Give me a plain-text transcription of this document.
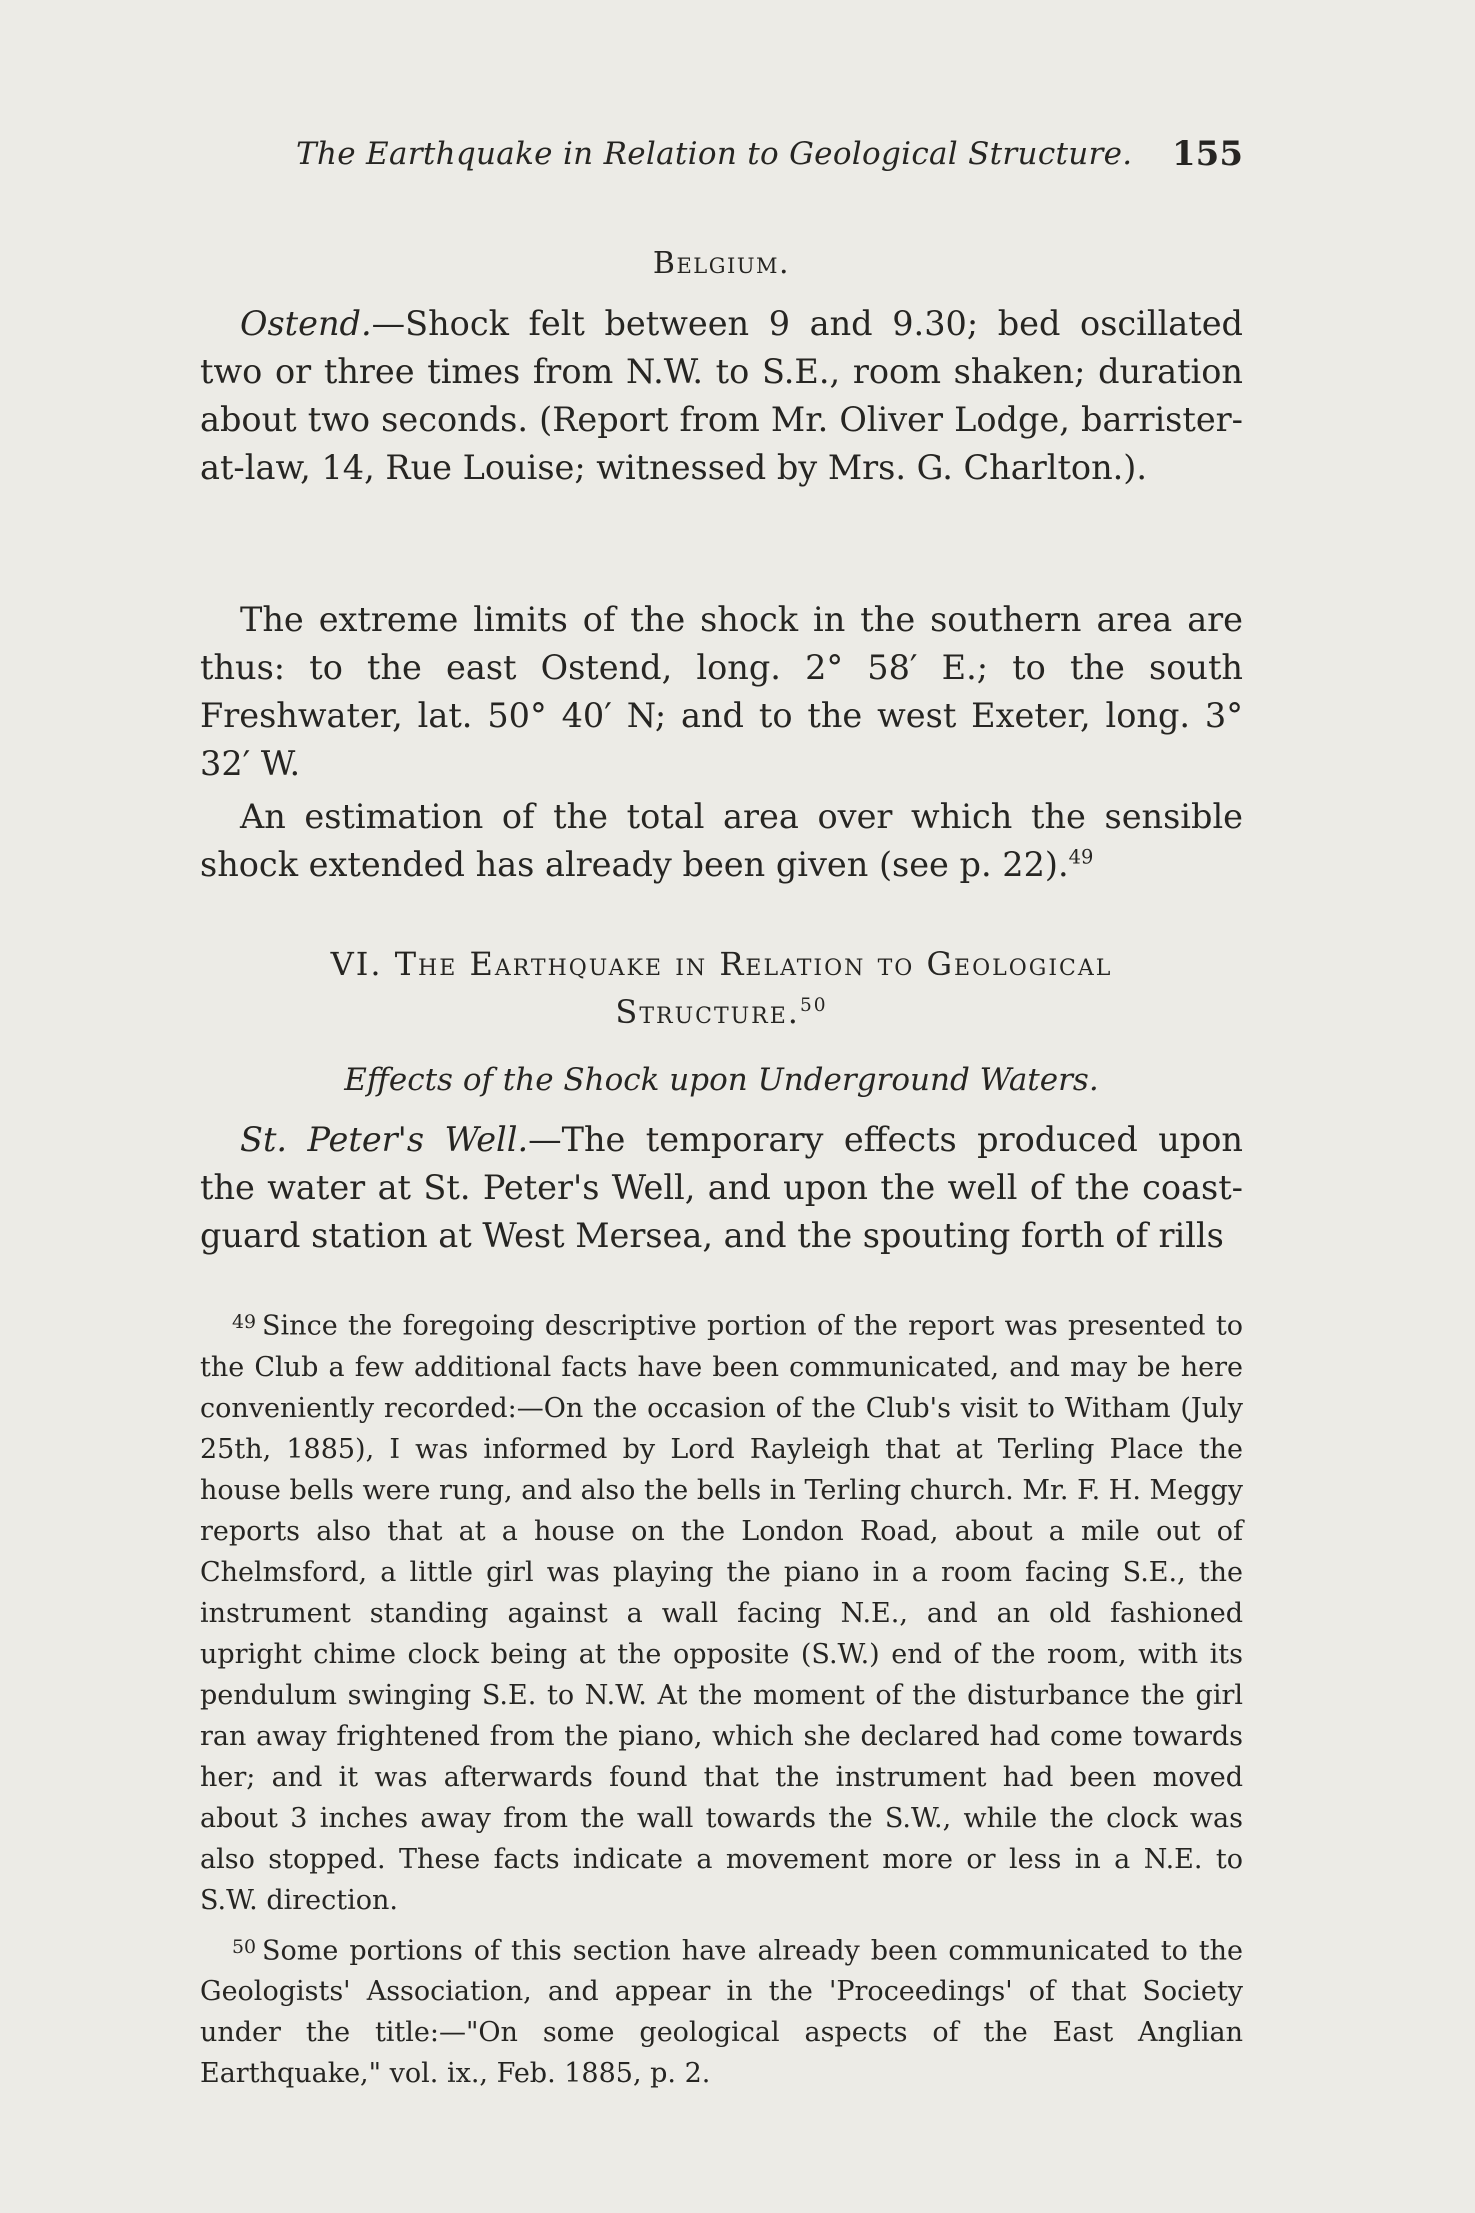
The Earthquake in Relation to Geological Structure. 155
Belgium.

Ostend.—Shock felt between 9 and 9.30; bed oscillated two or three times from N.W. to S.E., room shaken; duration about two seconds. (Report from Mr. Oliver Lodge, barrister-at-law, 14, Rue Louise; witnessed by Mrs. G. Charlton.).

The extreme limits of the shock in the southern area are thus: to the east Ostend, long. 2° 58′ E.; to the south Freshwater, lat. 50° 40′ N; and to the west Exeter, long. 3° 32′ W.

An estimation of the total area over which the sensible shock extended has already been given (see p. 22).$^{49}$

VI. The Earthquake in Relation to Geological Structure.$^{50}$
Effects of the Shock upon Underground Waters.

St. Peter's Well.—The temporary effects produced upon the water at St. Peter's Well, and upon the well of the coast-guard station at West Mersea, and the spouting forth of rills

$^{49}$ Since the foregoing descriptive portion of the report was presented to the Club a few additional facts have been communicated, and may be here conveniently recorded:—On the occasion of the Club's visit to Witham (July 25th, 1885), I was informed by Lord Rayleigh that at Terling Place the house bells were rung, and also the bells in Terling church. Mr. F. H. Meggy reports also that at a house on the London Road, about a mile out of Chelmsford, a little girl was playing the piano in a room facing S.E., the instrument standing against a wall facing N.E., and an old fashioned upright chime clock being at the opposite (S.W.) end of the room, with its pendulum swinging S.E. to N.W. At the moment of the disturbance the girl ran away frightened from the piano, which she declared had come towards her; and it was afterwards found that the instrument had been moved about 3 inches away from the wall towards the S.W., while the clock was also stopped. These facts indicate a movement more or less in a N.E. to S.W. direction.

$^{50}$ Some portions of this section have already been communicated to the Geologists' Association, and appear in the 'Proceedings' of that Society under the title:—"On some geological aspects of the East Anglian Earthquake," vol. ix., Feb. 1885, p. 2.
